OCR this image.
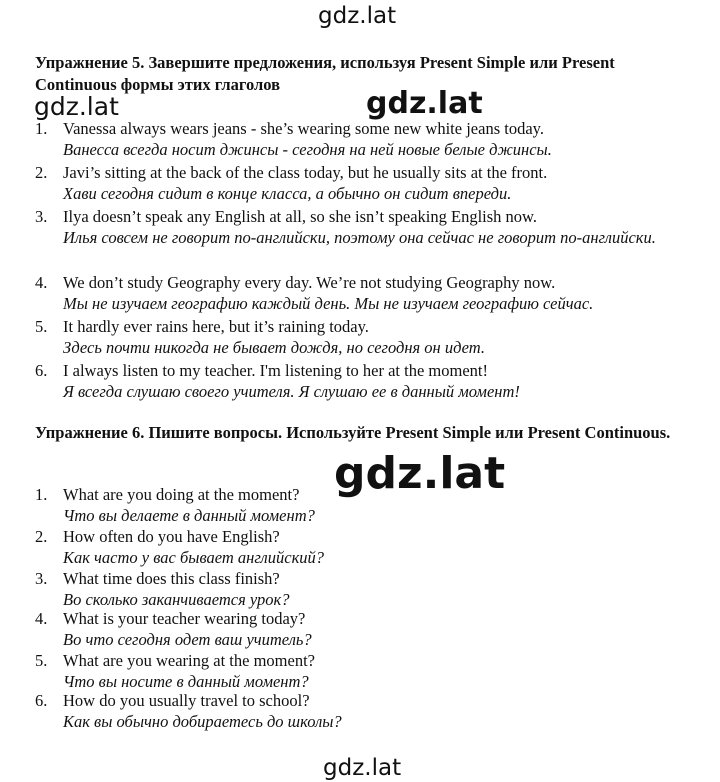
gdz.lat
gdz.lat	gdz.lat
gdz.lat
gdz.lat
Упражнение 5. Завершите предложения, используя Present Simple или Present Continuous формы этих глаголов
1. Vanessa always wears jeans - she’s wearing some new white jeans today.
Ванесса всегда носит джинсы - сегодня на ней новые белые джинсы.
2. Javi’s sitting at the back of the class today, but he usually sits at the front.
Хави сегодня сидит в конце класса, а обычно он сидит впереди.
3. Ilya doesn’t speak any English at all, so she isn’t speaking English now.
Илья совсем не говорит по-английски, поэтому она сейчас не говорит по-английски.
4. We don’t study Geography every day. We’re not studying Geography now.
Мы не изучаем географию каждый день. Мы не изучаем географию сейчас.
5. It hardly ever rains here, but it’s raining today.
Здесь почти никогда не бывает дождя, но сегодня он идет.
6. I always listen to my teacher. I'm listening to her at the moment!
Я всегда слушаю своего учителя. Я слушаю ее в данный момент!
Упражнение 6. Пишите вопросы. Используйте Present Simple или Present Continuous.
1. What are you doing at the moment?
Что вы делаете в данный момент?
2. How often do you have English?
Как часто у вас бывает английский?
3. What time does this class finish?
Во сколько заканчивается урок?
4. What is your teacher wearing today?
Во что сегодня одет ваш учитель?
5. What are you wearing at the moment?
Что вы носите в данный момент?
6. How do you usually travel to school?
Как вы обычно добираетесь до школы?
